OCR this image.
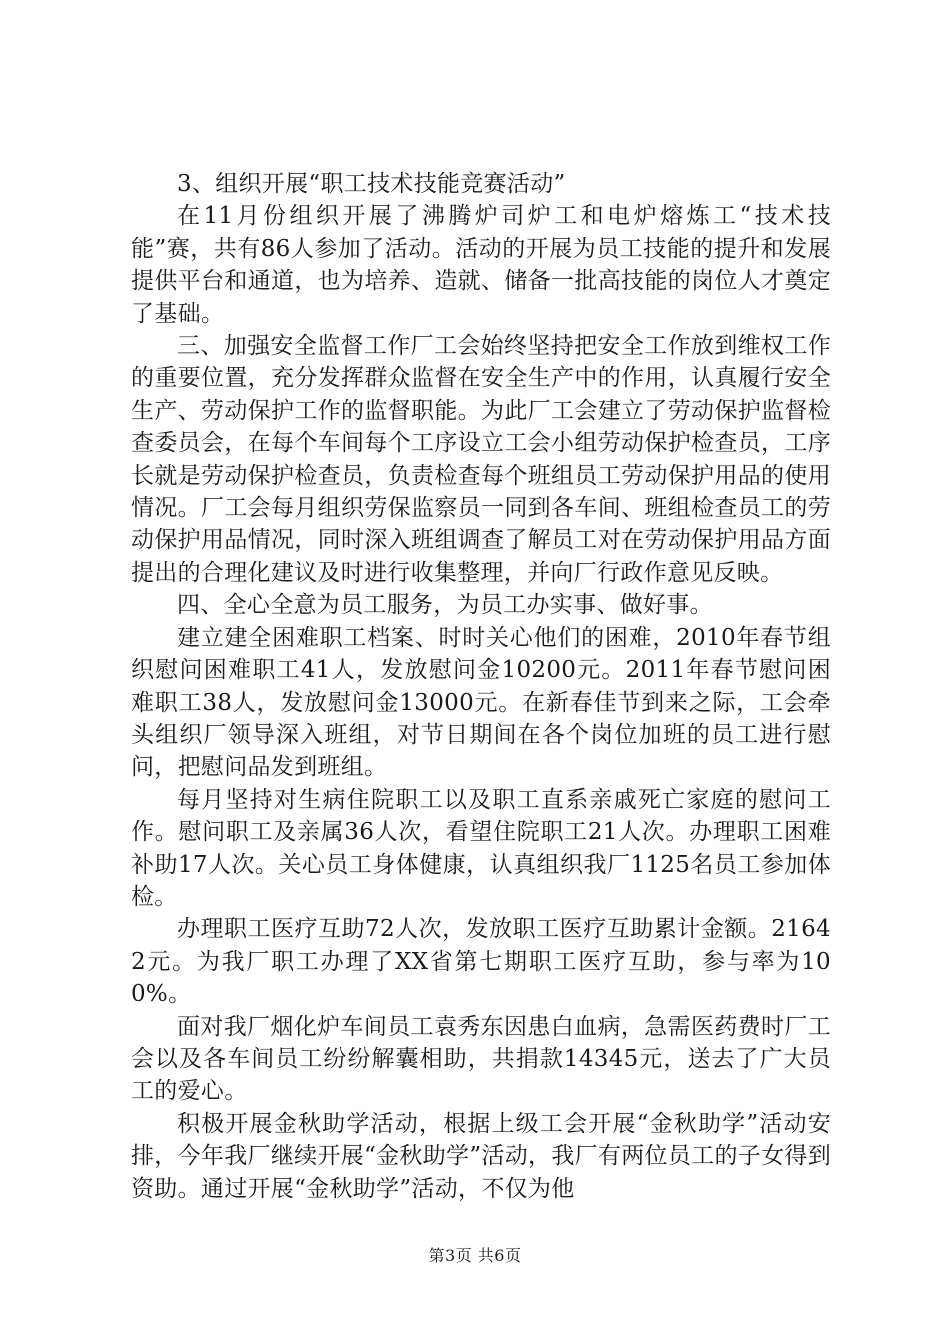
3、组织开展“职工技术技能竞赛活动”

在11月份组织开展了沸腾炉司炉工和电炉熔炼工“技术技能”赛，共有86人参加了活动。活动的开展为员工技能的提升和发展提供平台和通道，也为培养、造就、储备一批高技能的岗位人才奠定了基础。

三、加强安全监督工作厂工会始终坚持把安全工作放到维权工作的重要位置，充分发挥群众监督在安全生产中的作用，认真履行安全生产、劳动保护工作的监督职能。为此厂工会建立了劳动保护监督检查委员会，在每个车间每个工序设立工会小组劳动保护检查员，工序长就是劳动保护检查员，负责检查每个班组员工劳动保护用品的使用情况。厂工会每月组织劳保监察员一同到各车间、班组检查员工的劳动保护用品情况，同时深入班组调查了解员工对在劳动保护用品方面提出的合理化建议及时进行收集整理，并向厂行政作意见反映。

四、全心全意为员工服务，为员工办实事、做好事。

建立建全困难职工档案、时时关心他们的困难，2010年春节组织慰问困难职工41人，发放慰问金10200元。2011年春节慰问困难职工38人，发放慰问金13000元。在新春佳节到来之际，工会牵头组织厂领导深入班组，对节日期间在各个岗位加班的员工进行慰问，把慰问品发到班组。

每月坚持对生病住院职工以及职工直系亲戚死亡家庭的慰问工作。慰问职工及亲属36人次，看望住院职工21人次。办理职工困难补助17人次。关心员工身体健康，认真组织我厂1125名员工参加体检。

办理职工医疗互助72人次，发放职工医疗互助累计金额。21642元。为我厂职工办理了XX省第七期职工医疗互助，参与率为100%。

面对我厂烟化炉车间员工袁秀东因患白血病，急需医药费时厂工会以及各车间员工纷纷解囊相助，共捐款14345元，送去了广大员工的爱心。

积极开展金秋助学活动，根据上级工会开展“金秋助学”活动安排，今年我厂继续开展“金秋助学”活动，我厂有两位员工的子女得到资助。通过开展“金秋助学”活动，不仅为他

第3页 共6页
